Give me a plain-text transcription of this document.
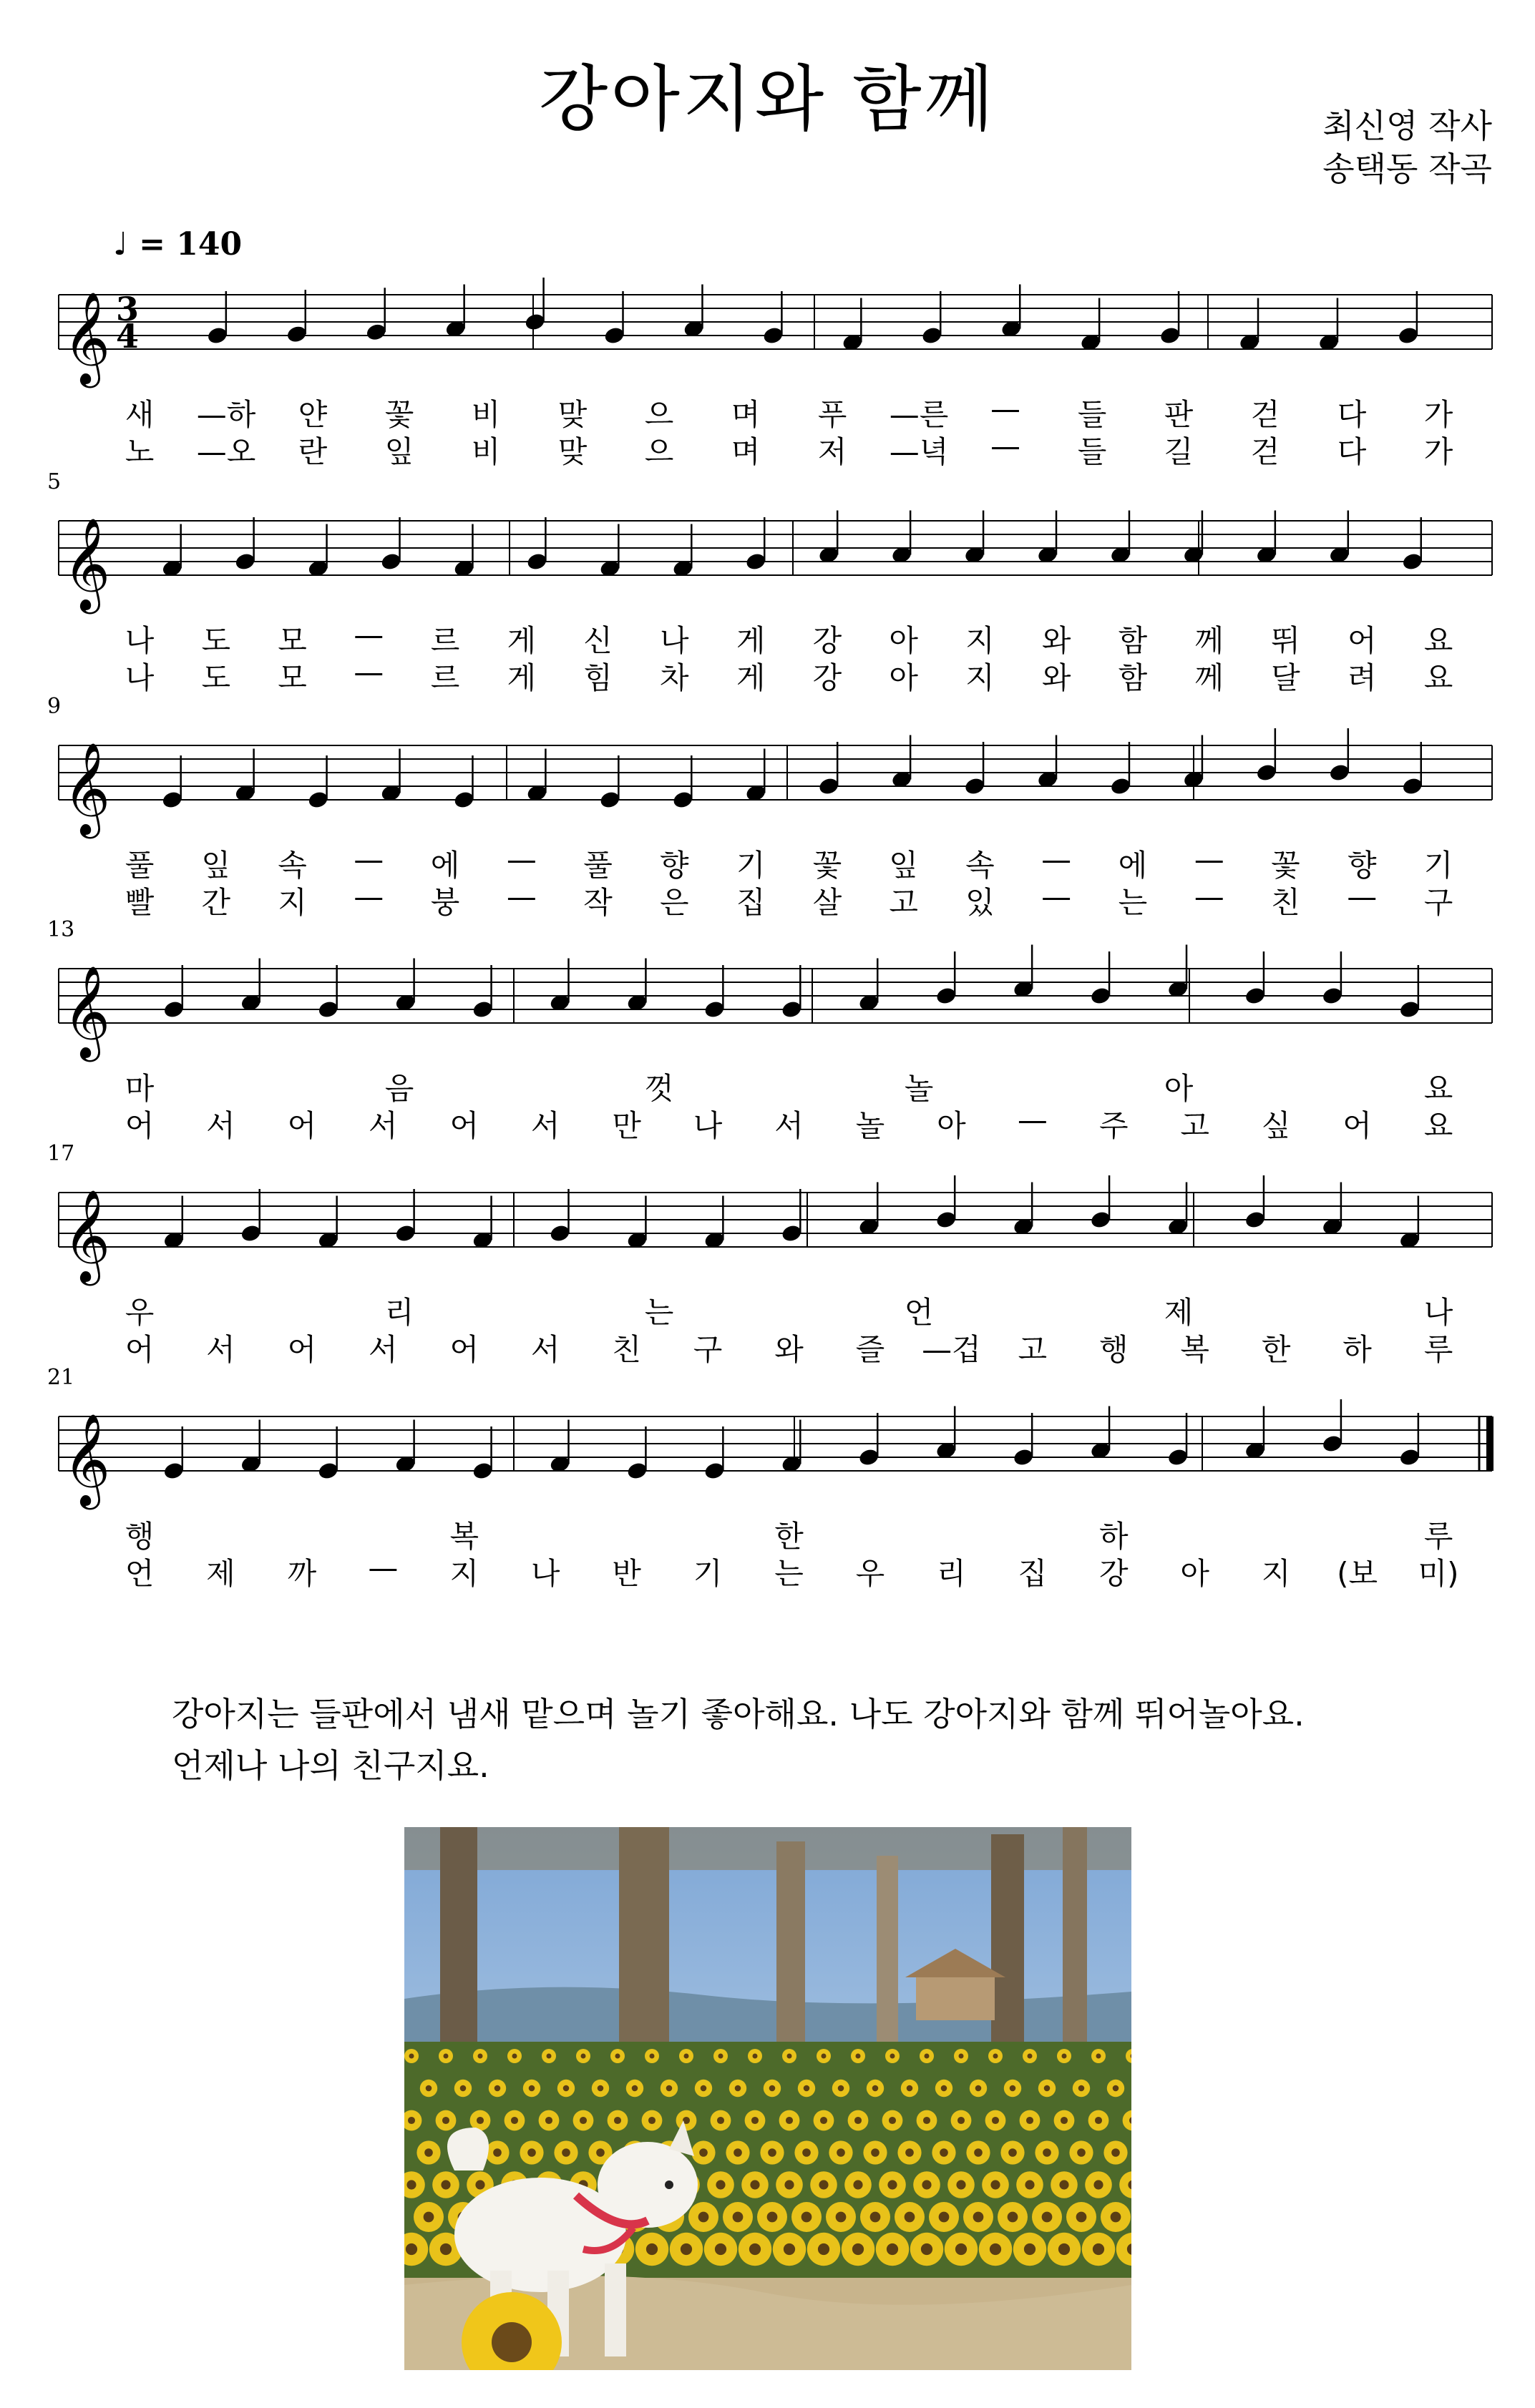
강아지와 함께	최신영 작사
송택동 작곡
♩ = 140
𝄞 3
4
𝄞
𝄞
𝄞
𝄞
𝄞
새 —하 얀 꽃 비 맞 으 며 푸 —른 — 들 판 걷 다 가
노 —오 란 잎 비 맞 으 며 저 —녁 — 들 길 걷 다 가
5
나 도 모 — 르 게 신 나 게 강 아 지 와 함 께 뛰 어 요
나 도 모 — 르 게 힘 차 게 강 아 지 와 함 께 달 려 요
9
풀 잎 속 — 에 — 풀 향 기 꽃 잎 속 — 에 — 꽃 향 기
빨 간 지 — 붕 — 작 은 집 살 고 있 — 는 — 친 — 구
13
마	음	껏	놀	아	요
어 서 어 서 어 서 만 나 서 놀 아 — 주 고 싶 어 요
17
우	리	는	언	제	나
어 서 어 서 어 서 친 구 와 즐 —겁 고 행 복 한 하 루
21
행	복	한	하	루
언 제 까 — 지 나 반 기 는 우 리 집 강 아 지 (보 미)
강아지는 들판에서 냄새 맡으며 놀기 좋아해요. 나도 강아지와 함께 뛰어놀아요.
언제나 나의 친구지요.
